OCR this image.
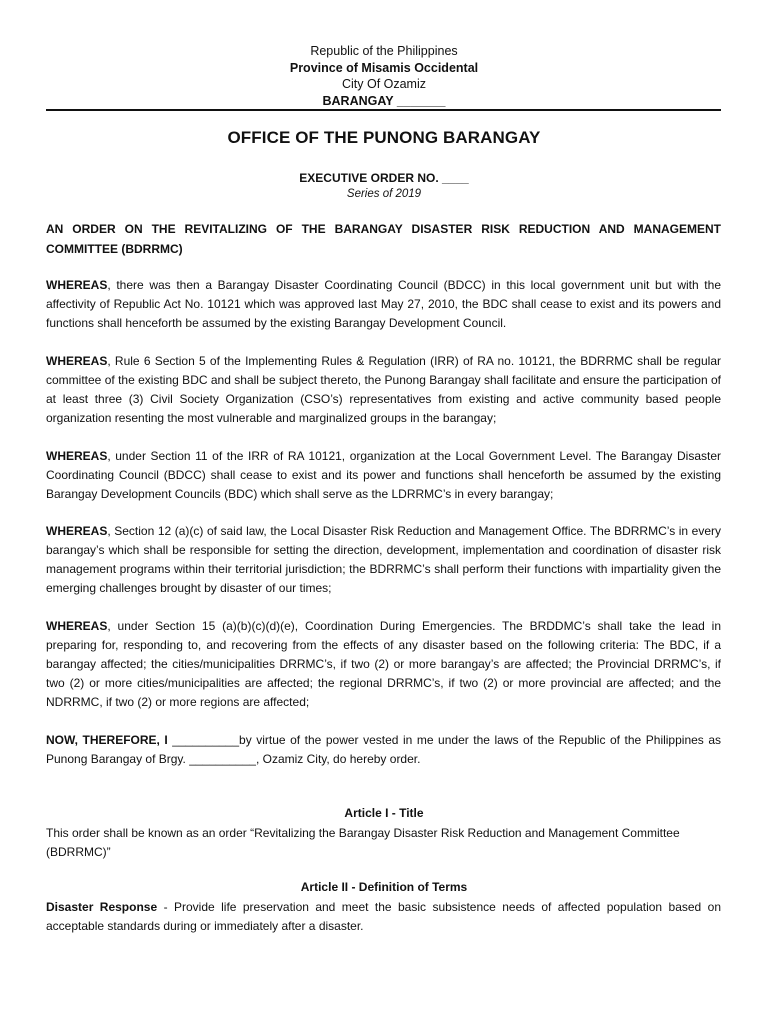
Republic of the Philippines
Province of Misamis Occidental
City Of Ozamiz
BARANGAY _______
OFFICE OF THE PUNONG BARANGAY
EXECUTIVE ORDER NO. ____
Series of 2019
AN ORDER ON THE REVITALIZING OF THE BARANGAY DISASTER RISK REDUCTION AND MANAGEMENT COMMITTEE (BDRRMC)
WHEREAS, there was then a Barangay Disaster Coordinating Council (BDCC) in this local government unit but with the affectivity of Republic Act No. 10121 which was approved last May 27, 2010, the BDC shall cease to exist and its powers and functions shall henceforth be assumed by the existing Barangay Development Council.
WHEREAS, Rule 6 Section 5 of the Implementing Rules & Regulation (IRR) of RA no. 10121, the BDRRMC shall be regular committee of the existing BDC and shall be subject thereto, the Punong Barangay shall facilitate and ensure the participation of at least three (3) Civil Society Organization (CSO’s) representatives from existing and active community based people organization resenting the most vulnerable and marginalized groups in the barangay;
WHEREAS, under Section 11 of the IRR of RA 10121, organization at the Local Government Level. The Barangay Disaster Coordinating Council (BDCC) shall cease to exist and its power and functions shall henceforth be assumed by the existing Barangay Development Councils (BDC) which shall serve as the LDRRMC’s in every barangay;
WHEREAS, Section 12 (a)(c) of said law, the Local Disaster Risk Reduction and Management Office. The BDRRMC’s in every barangay’s which shall be responsible for setting the direction, development, implementation and coordination of disaster risk management programs within their territorial jurisdiction; the BDRRMC’s shall perform their functions with impartiality given the emerging challenges brought by disaster of our times;
WHEREAS, under Section 15 (a)(b)(c)(d)(e), Coordination During Emergencies. The BRDDMC’s shall take the lead in preparing for, responding to, and recovering from the effects of any disaster based on the following criteria: The BDC, if a barangay affected; the cities/municipalities DRRMC’s, if two (2) or more barangay’s are affected; the Provincial DRRMC’s, if two (2) or more cities/municipalities are affected; the regional DRRMC’s, if two (2) or more provincial are affected; and the NDRRMC, if two (2) or more regions are affected;
NOW, THEREFORE, I __________by virtue of the power vested in me under the laws of the Republic of the Philippines as Punong Barangay of Brgy. __________, Ozamiz City, do hereby order.
Article I - Title
This order shall be known as an order “Revitalizing the Barangay Disaster Risk Reduction and Management Committee (BDRRMC)”
Article II - Definition of Terms
Disaster Response - Provide life preservation and meet the basic subsistence needs of affected population based on acceptable standards during or immediately after a disaster.
